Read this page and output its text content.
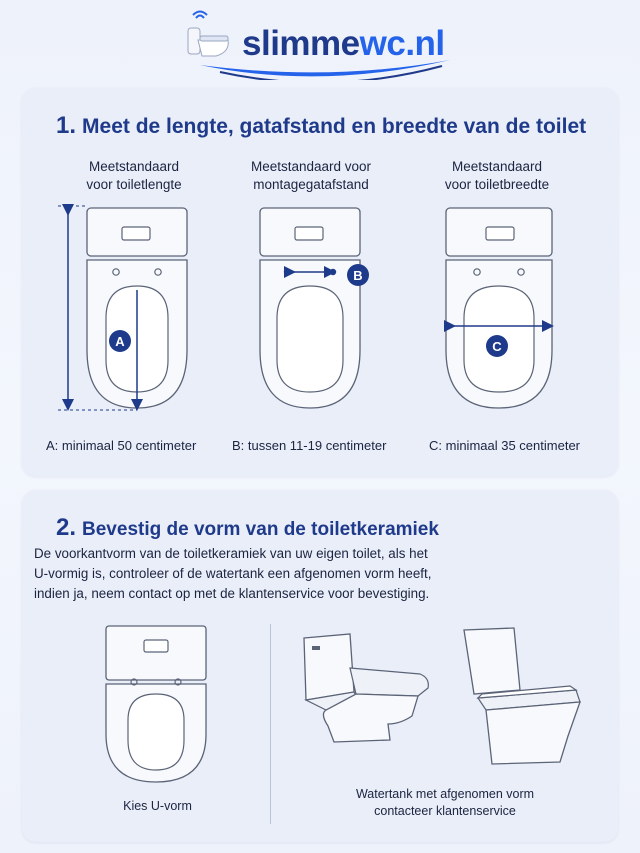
slimmewc.nl
1. Meet de lengte, gatafstand en breedte van de toilet
Meetstandaard
voor toiletlengte
Meetstandaard voor
montagegatafstand
Meetstandaard
voor toiletbreedte
A
B
C
A: minimaal 50 centimeter	B: tussen 11-19 centimeter	C: minimaal 35 centimeter
2. Bevestig de vorm van de toiletkeramiek
De voorkantvorm van de toiletkeramiek van uw eigen toilet, als het
U-vormig is, controleer of de watertank een afgenomen vorm heeft,
indien ja, neem contact op met de klantenservice voor bevestiging.
Kies U-vorm
Watertank met afgenomen vorm
contacteer klantenservice
